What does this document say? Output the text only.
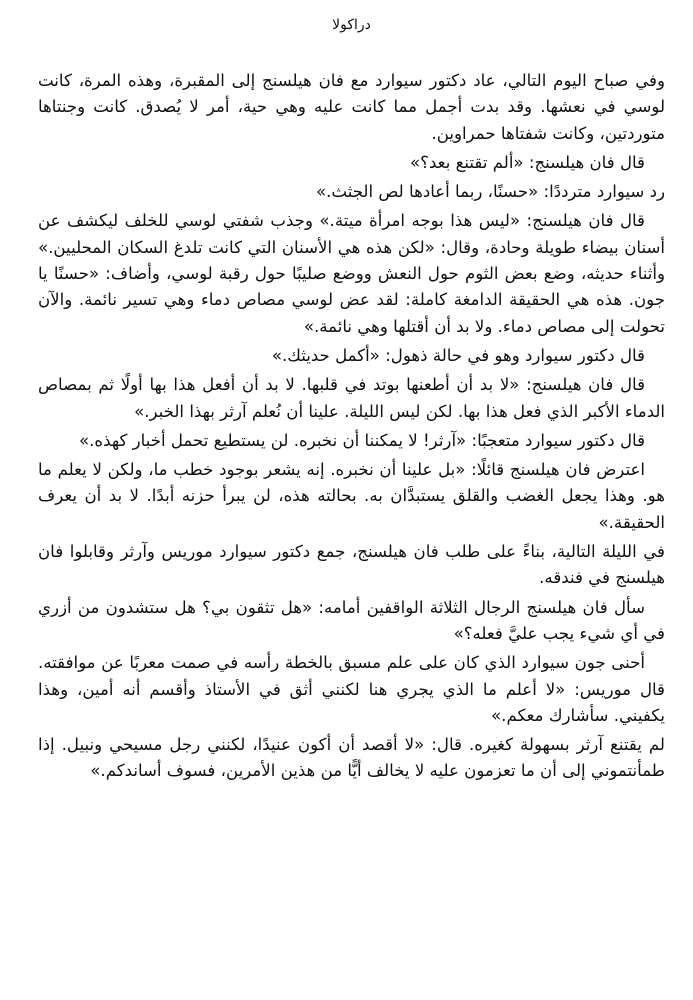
دراكولا

وفي صباح اليوم التالي، عاد دكتور سيوارد مع فان هيلسنج إلى المقبرة، وهذه المرة، كانت لوسي في نعشها. وقد بدت أجمل مما كانت عليه وهي حية، أمر لا يُصدق. كانت وجنتاها متوردتين، وكانت شفتاها حمراوين.

قال فان هيلسنج: «ألم تقتنع بعد؟»

رد سيوارد مترددًا: «حسنًا، ربما أعادها لص الجثث.»

قال فان هيلسنج: «ليس هذا بوجه امرأة ميتة.» وجذب شفتي لوسي للخلف ليكشف عن أسنان بيضاء طويلة وحادة، وقال: «لكن هذه هي الأسنان التي كانت تلدغ السكان المحليين.» وأثناء حديثه، وضع بعض الثوم حول النعش ووضع صليبًا حول رقبة لوسي، وأضاف: «حسنًا يا جون. هذه هي الحقيقة الدامغة كاملة: لقد عض لوسي مصاص دماء وهي تسير نائمة. والآن تحولت إلى مصاص دماء. ولا بد أن أقتلها وهي نائمة.»

قال دكتور سيوارد وهو في حالة ذهول: «أكمل حديثك.»

قال فان هيلسنج: «لا بد أن أطعنها بوتد في قلبها. لا بد أن أفعل هذا بها أولًا ثم بمصاص الدماء الأكبر الذي فعل هذا بها. لكن ليس الليلة. علينا أن نُعلم آرثر بهذا الخبر.»

قال دكتور سيوارد متعجبًا: «آرثر! لا يمكننا أن نخبره. لن يستطيع تحمل أخبار كهذه.»

اعترض فان هيلسنج قائلًا: «بل علينا أن نخبره. إنه يشعر بوجود خطب ما، ولكن لا يعلم ما هو. وهذا يجعل الغضب والقلق يستبدَّان به. بحالته هذه، لن يبرأ حزنه أبدًا. لا بد أن يعرف الحقيقة.»

في الليلة التالية، بناءً على طلب فان هيلسنج، جمع دكتور سيوارد موريس وآرثر وقابلوا فان هيلسنج في فندقه.

سأل فان هيلسنج الرجال الثلاثة الواقفين أمامه: «هل تثقون بي؟ هل ستشدون من أزري في أي شيء يجب عليَّ فعله؟»

أحنى جون سيوارد الذي كان على علم مسبق بالخطة رأسه في صمت معربًا عن موافقته. قال موريس: «لا أعلم ما الذي يجري هنا لكنني أثق في الأستاذ وأقسم أنه أمين، وهذا يكفيني. سأشارك معكم.»

لم يقتنع آرثر بسهولة كغيره. قال: «لا أقصد أن أكون عنيدًا، لكنني رجل مسيحي ونبيل. إذا طمأنتموني إلى أن ما تعزمون عليه لا يخالف أيًّا من هذين الأمرين، فسوف أساندكم.»
